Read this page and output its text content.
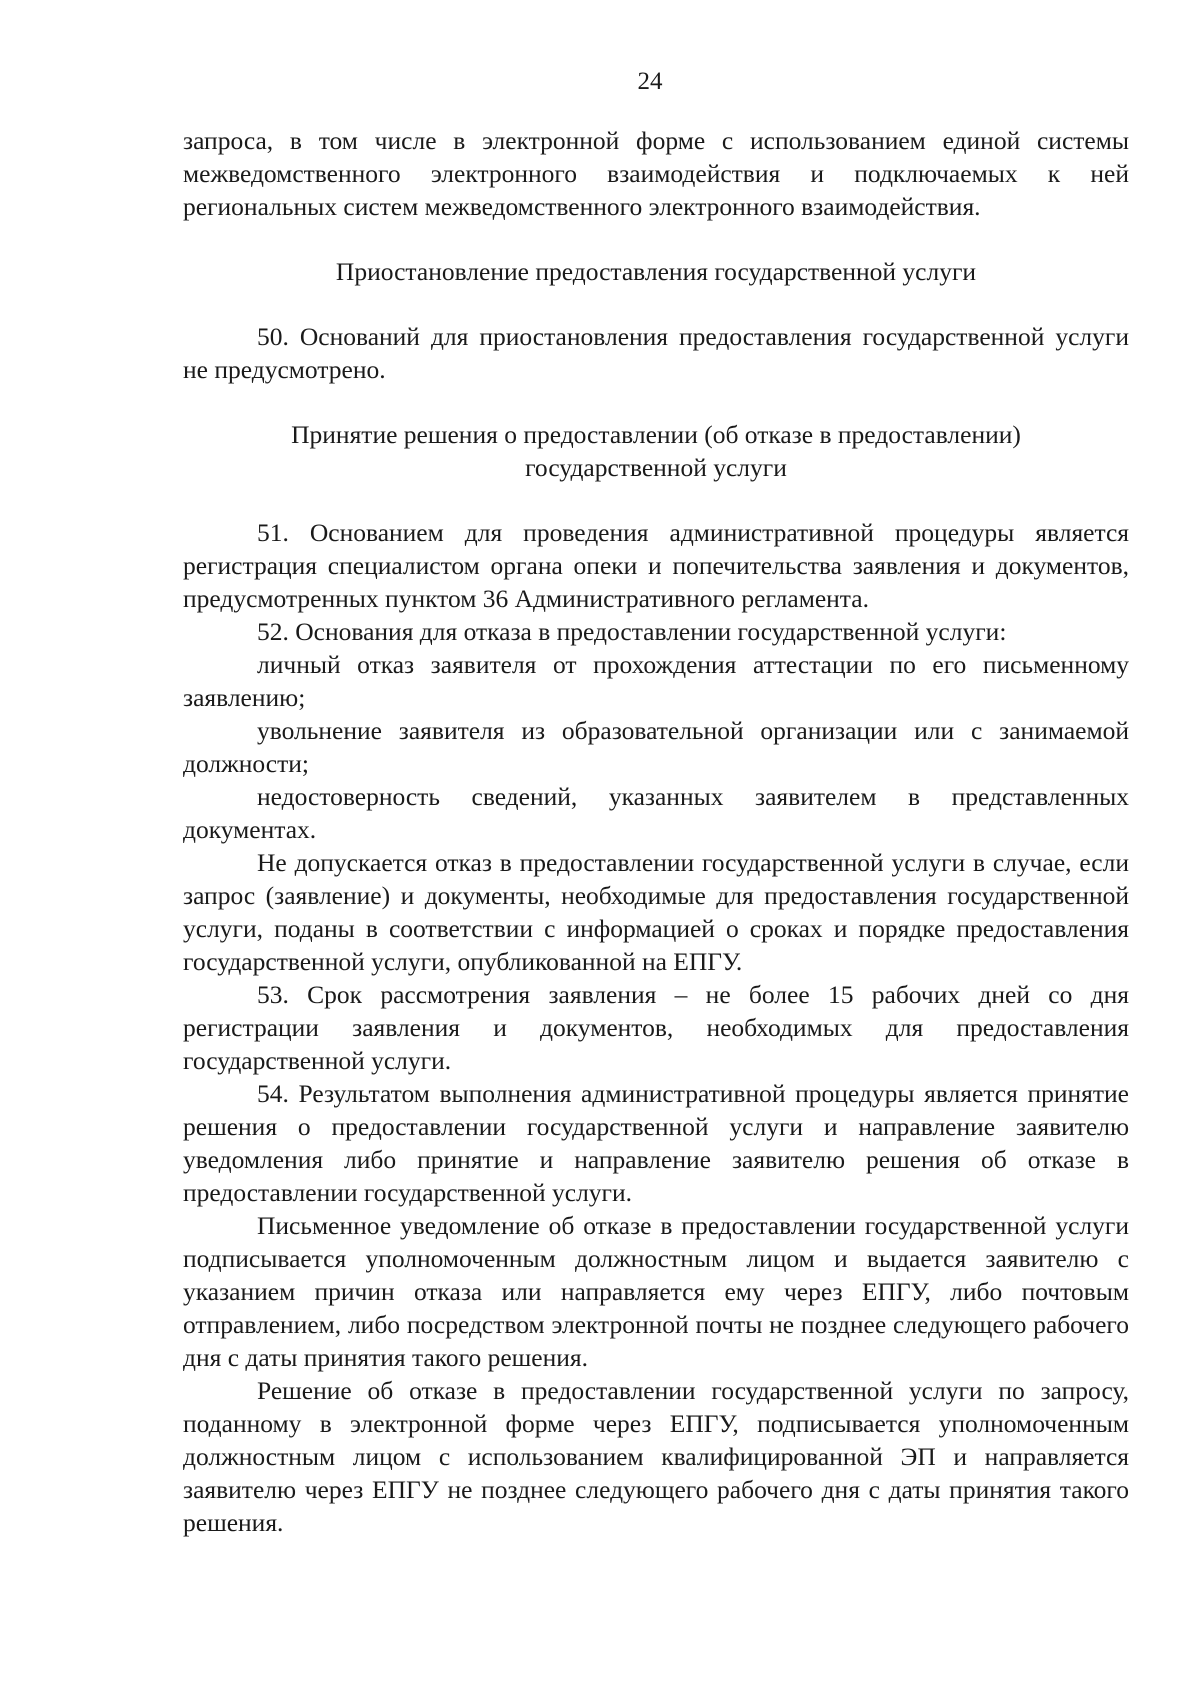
24

запроса, в том числе в электронной форме с использованием единой системы межведомственного электронного взаимодействия и подключаемых к ней региональных систем межведомственного электронного взаимодействия.

Приостановление предоставления государственной услуги

50. Оснований для приостановления предоставления государственной услуги не предусмотрено.

Принятие решения о предоставлении (об отказе в предоставлении)

государственной услуги

51. Основанием для проведения административной процедуры является регистрация специалистом органа опеки и попечительства заявления и документов, предусмотренных пунктом 36 Административного регламента.

52. Основания для отказа в предоставлении государственной услуги:

личный отказ заявителя от прохождения аттестации по его письменному заявлению;

увольнение заявителя из образовательной организации или с занимаемой должности;

недостоверность сведений, указанных заявителем в представленных документах.

Не допускается отказ в предоставлении государственной услуги в случае, если запрос (заявление) и документы, необходимые для предоставления государственной услуги, поданы в соответствии с информацией о сроках и порядке предоставления государственной услуги, опубликованной на ЕПГУ.

53. Срок рассмотрения заявления – не более 15 рабочих дней со дня регистрации заявления и документов, необходимых для предоставления государственной услуги.

54. Результатом выполнения административной процедуры является принятие решения о предоставлении государственной услуги и направление заявителю уведомления либо принятие и направление заявителю решения об отказе в предоставлении государственной услуги.

Письменное уведомление об отказе в предоставлении государственной услуги подписывается уполномоченным должностным лицом и выдается заявителю с указанием причин отказа или направляется ему через ЕПГУ, либо почтовым отправлением, либо посредством электронной почты не позднее следующего рабочего дня с даты принятия такого решения.

Решение об отказе в предоставлении государственной услуги по запросу, поданному в электронной форме через ЕПГУ, подписывается уполномоченным должностным лицом с использованием квалифицированной ЭП и направляется заявителю через ЕПГУ не позднее следующего рабочего дня с даты принятия такого решения.
